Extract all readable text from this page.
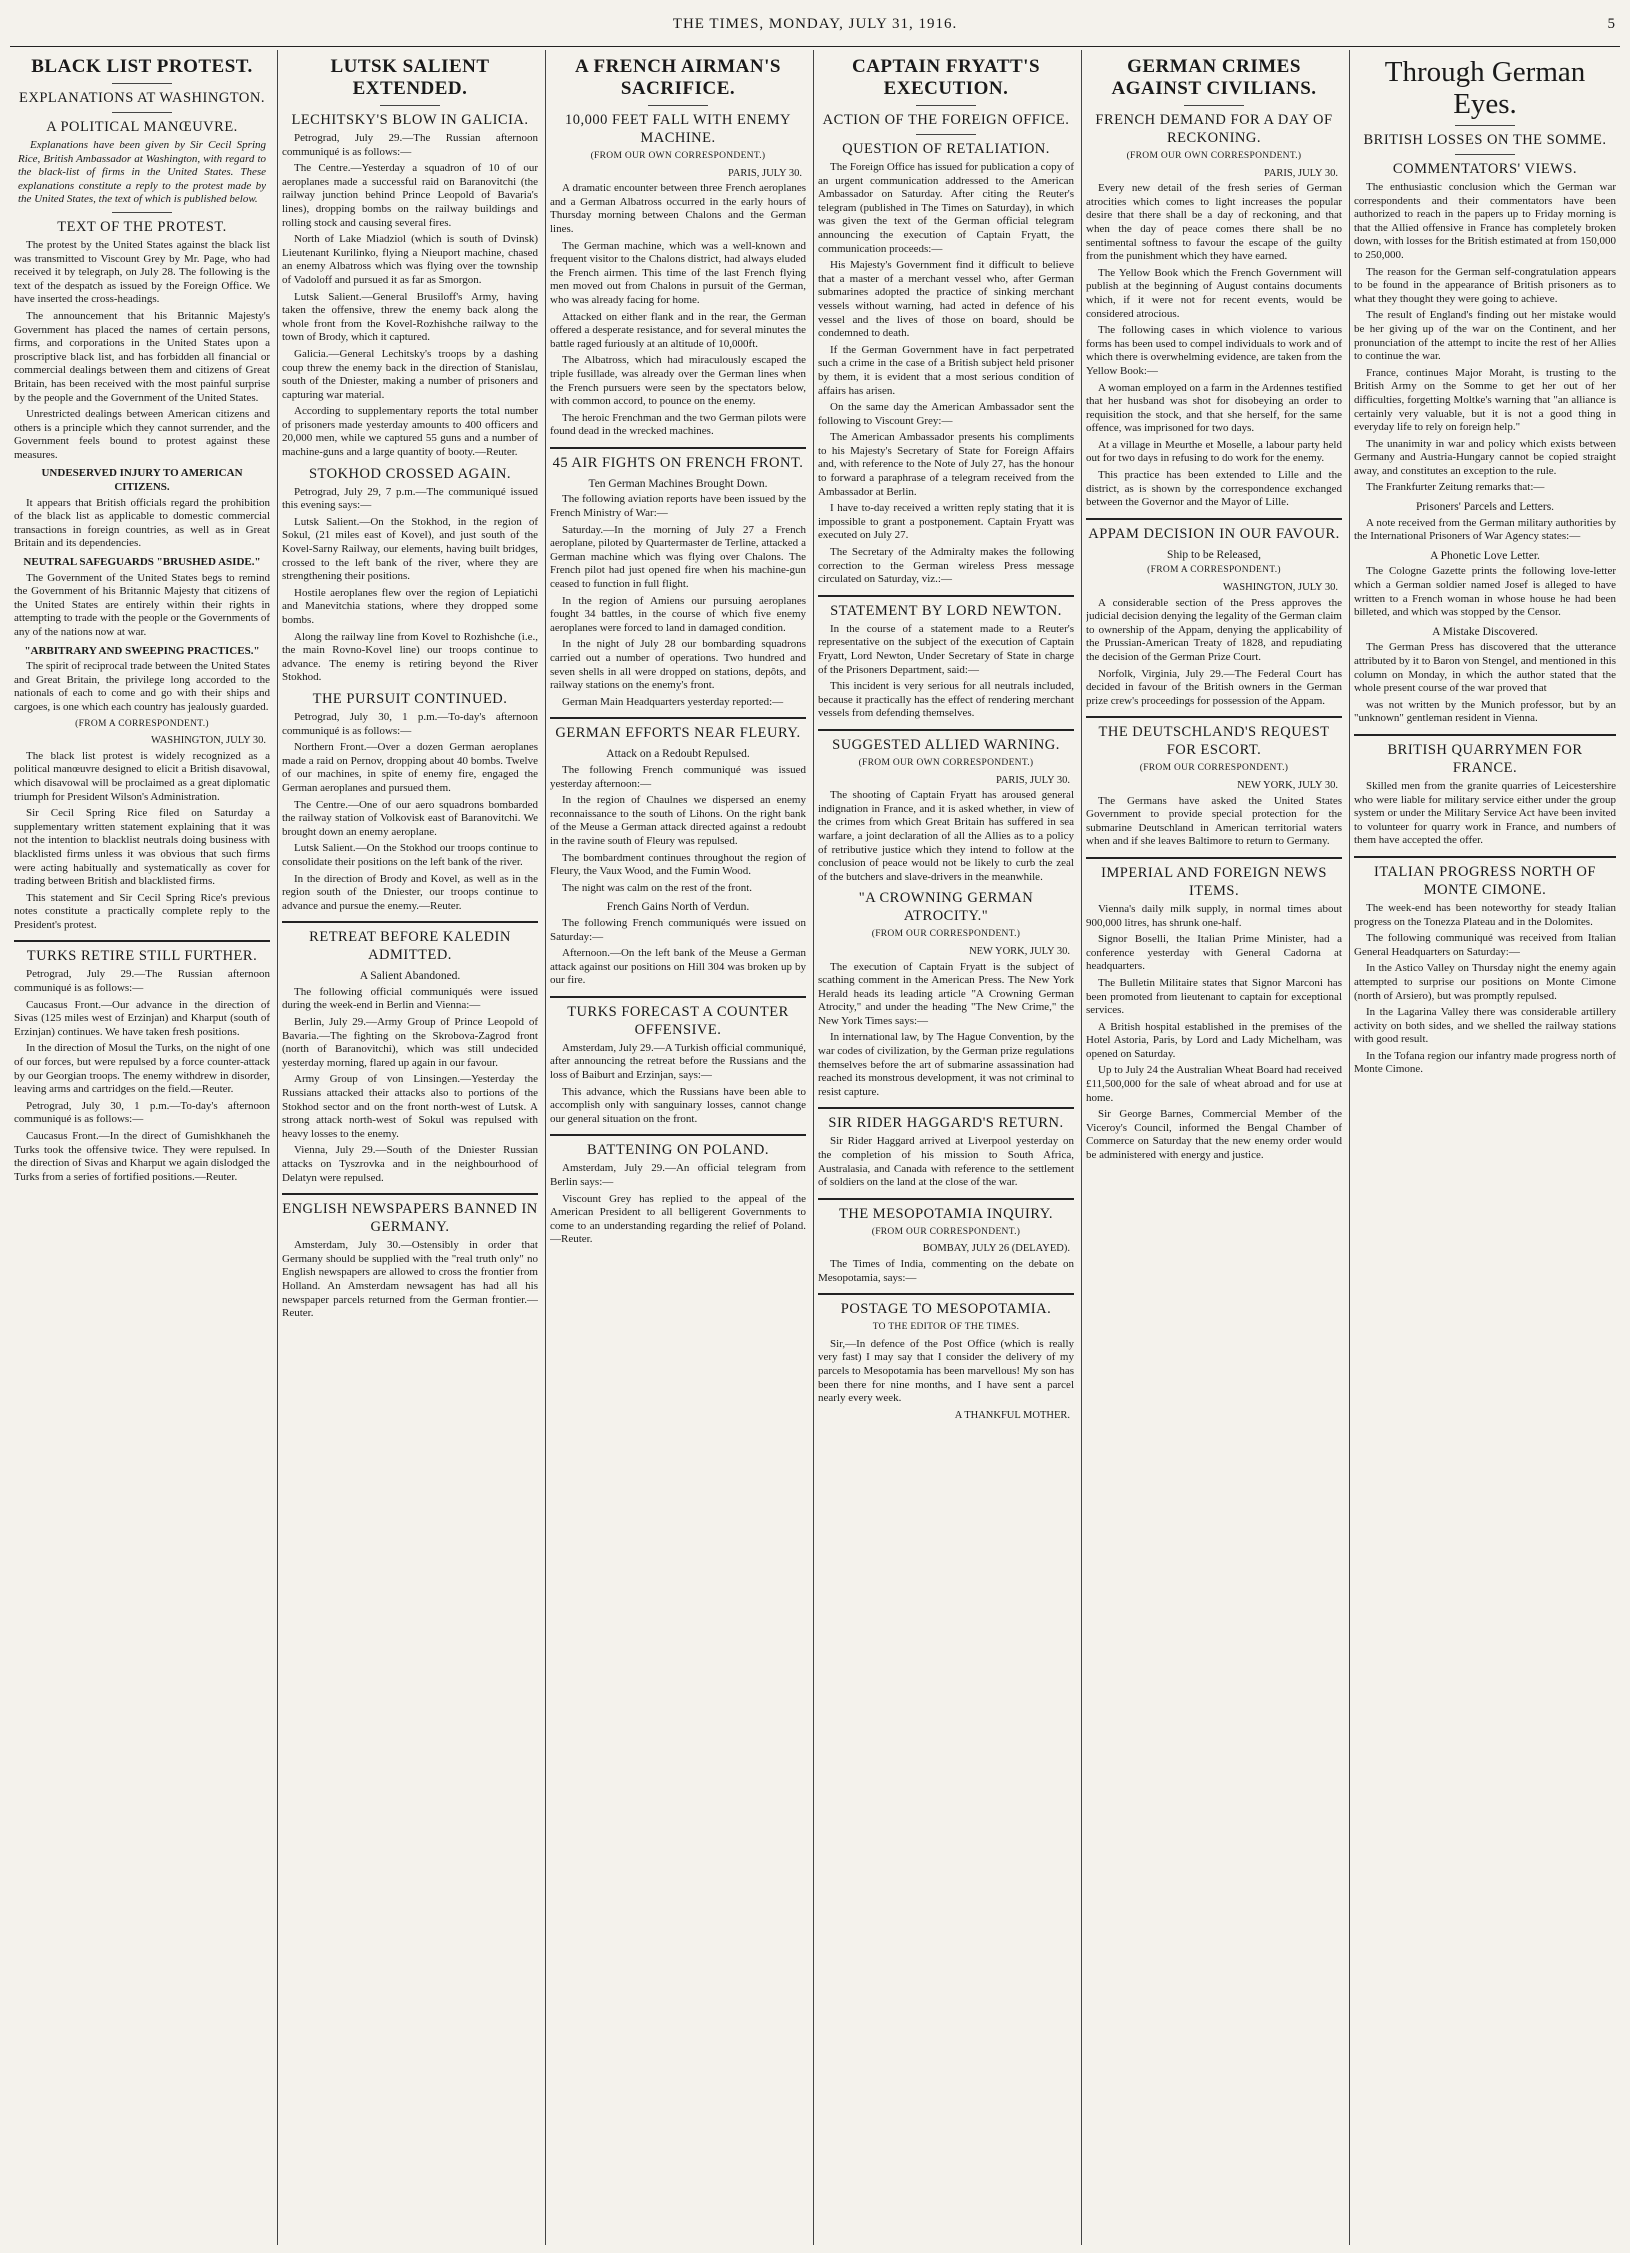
THE TIMES, MONDAY, JULY 31, 1916.	5
BLACK LIST PROTEST.
EXPLANATIONS AT WASHINGTON.
A POLITICAL MANŒUVRE.

Explanations have been given by Sir Cecil Spring Rice, British Ambassador at Washington, with regard to the black-list of firms in the United States. These explanations constitute a reply to the protest made by the United States, the text of which is published below.

TEXT OF THE PROTEST.

The protest by the United States against the black list was transmitted to Viscount Grey by Mr. Page, who had received it by telegraph, on July 28. The following is the text of the despatch as issued by the Foreign Office. We have inserted the cross-headings.

The announcement that his Britannic Majesty's Government has placed the names of certain persons, firms, and corporations in the United States upon a proscriptive black list, and has forbidden all financial or commercial dealings between them and citizens of Great Britain, has been received with the most painful surprise by the people and the Government of the United States.

Unrestricted dealings between American citizens and others is a principle which they cannot surrender, and the Government feels bound to protest against these measures.

UNDESERVED INJURY TO AMERICAN CITIZENS.

It appears that British officials regard the prohibition of the black list as applicable to domestic commercial transactions in foreign countries, as well as in Great Britain and its dependencies.

NEUTRAL SAFEGUARDS "BRUSHED ASIDE."

The Government of the United States begs to remind the Government of his Britannic Majesty that citizens of the United States are entirely within their rights in attempting to trade with the people or the Governments of any of the nations now at war.

"ARBITRARY AND SWEEPING PRACTICES."

The spirit of reciprocal trade between the United States and Great Britain, the privilege long accorded to the nationals of each to come and go with their ships and cargoes, is one which each country has jealously guarded.

(FROM A CORRESPONDENT.)
WASHINGTON, JULY 30.

The black list protest is widely recognized as a political manœuvre designed to elicit a British disavowal, which disavowal will be proclaimed as a great diplomatic triumph for President Wilson's Administration.

Sir Cecil Spring Rice filed on Saturday a supplementary written statement explaining that it was not the intention to blacklist neutrals doing business with blacklisted firms unless it was obvious that such firms were acting habitually and systematically as cover for trading between British and blacklisted firms.

This statement and Sir Cecil Spring Rice's previous notes constitute a practically complete reply to the President's protest.

TURKS RETIRE STILL FURTHER.

Petrograd, July 29.—The Russian afternoon communiqué is as follows:—

Caucasus Front.—Our advance in the direction of Sivas (125 miles west of Erzinjan) and Kharput (south of Erzinjan) continues. We have taken fresh positions.

In the direction of Mosul the Turks, on the night of one of our forces, but were repulsed by a force counter-attack by our Georgian troops. The enemy withdrew in disorder, leaving arms and cartridges on the field.—Reuter.

Petrograd, July 30, 1 p.m.—To-day's afternoon communiqué is as follows:—

Caucasus Front.—In the direct of Gumishkhaneh the Turks took the offensive twice. They were repulsed. In the direction of Sivas and Kharput we again dislodged the Turks from a series of fortified positions.—Reuter.

LUTSK SALIENT EXTENDED.
LECHITSKY'S BLOW IN GALICIA.

Petrograd, July 29.—The Russian afternoon communiqué is as follows:—

The Centre.—Yesterday a squadron of 10 of our aeroplanes made a successful raid on Baranovitchi (the railway junction behind Prince Leopold of Bavaria's lines), dropping bombs on the railway buildings and rolling stock and causing several fires.

North of Lake Miadziol (which is south of Dvinsk) Lieutenant Kurilinko, flying a Nieuport machine, chased an enemy Albatross which was flying over the township of Vadoloff and pursued it as far as Smorgon.

Lutsk Salient.—General Brusiloff's Army, having taken the offensive, threw the enemy back along the whole front from the Kovel-Rozhishche railway to the town of Brody, which it captured.

Galicia.—General Lechitsky's troops by a dashing coup threw the enemy back in the direction of Stanislau, south of the Dniester, making a number of prisoners and capturing war material.

According to supplementary reports the total number of prisoners made yesterday amounts to 400 officers and 20,000 men, while we captured 55 guns and a number of machine-guns and a large quantity of booty.—Reuter.

STOKHOD CROSSED AGAIN.

Petrograd, July 29, 7 p.m.—The communiqué issued this evening says:—

Lutsk Salient.—On the Stokhod, in the region of Sokul, (21 miles east of Kovel), and just south of the Kovel-Sarny Railway, our elements, having built bridges, crossed to the left bank of the river, where they are strengthening their positions.

Hostile aeroplanes flew over the region of Lepiatichi and Manevitchia stations, where they dropped some bombs.

Along the railway line from Kovel to Rozhishche (i.e., the main Rovno-Kovel line) our troops continue to advance. The enemy is retiring beyond the River Stokhod.

THE PURSUIT CONTINUED.

Petrograd, July 30, 1 p.m.—To-day's afternoon communiqué is as follows:—

Northern Front.—Over a dozen German aeroplanes made a raid on Pernov, dropping about 40 bombs. Twelve of our machines, in spite of enemy fire, engaged the German aeroplanes and pursued them.

The Centre.—One of our aero squadrons bombarded the railway station of Volkovisk east of Baranovitchi. We brought down an enemy aeroplane.

Lutsk Salient.—On the Stokhod our troops continue to consolidate their positions on the left bank of the river.

In the direction of Brody and Kovel, as well as in the region south of the Dniester, our troops continue to advance and pursue the enemy.—Reuter.

RETREAT BEFORE KALEDIN ADMITTED.
A Salient Abandoned.

The following official communiqués were issued during the week-end in Berlin and Vienna:—

Berlin, July 29.—Army Group of Prince Leopold of Bavaria.—The fighting on the Skrobova-Zagrod front (north of Baranovitchi), which was still undecided yesterday morning, flared up again in our favour.

Army Group of von Linsingen.—Yesterday the Russians attacked their attacks also to portions of the Stokhod sector and on the front north-west of Lutsk. A strong attack north-west of Sokul was repulsed with heavy losses to the enemy.

Vienna, July 29.—South of the Dniester Russian attacks on Tyszrovka and in the neighbourhood of Delatyn were repulsed.

ENGLISH NEWSPAPERS BANNED IN GERMANY.

Amsterdam, July 30.—Ostensibly in order that Germany should be supplied with the "real truth only" no English newspapers are allowed to cross the frontier from Holland. An Amsterdam newsagent has had all his newspaper parcels returned from the German frontier.—Reuter.

A FRENCH AIRMAN'S SACRIFICE.
10,000 FEET FALL WITH ENEMY MACHINE.
(FROM OUR OWN CORRESPONDENT.)
PARIS, JULY 30.

A dramatic encounter between three French aeroplanes and a German Albatross occurred in the early hours of Thursday morning between Chalons and the German lines.

The German machine, which was a well-known and frequent visitor to the Chalons district, had always eluded the French airmen. This time of the last French flying men moved out from Chalons in pursuit of the German, who was already facing for home.

Attacked on either flank and in the rear, the German offered a desperate resistance, and for several minutes the battle raged furiously at an altitude of 10,000ft.

The Albatross, which had miraculously escaped the triple fusillade, was already over the German lines when the French pursuers were seen by the spectators below, with common accord, to pounce on the enemy.

The heroic Frenchman and the two German pilots were found dead in the wrecked machines.

45 AIR FIGHTS ON FRENCH FRONT.
Ten German Machines Brought Down.

The following aviation reports have been issued by the French Ministry of War:—

Saturday.—In the morning of July 27 a French aeroplane, piloted by Quartermaster de Terline, attacked a German machine which was flying over Chalons. The French pilot had just opened fire when his machine-gun ceased to function in full flight.

In the region of Amiens our pursuing aeroplanes fought 34 battles, in the course of which five enemy aeroplanes were forced to land in damaged condition.

In the night of July 28 our bombarding squadrons carried out a number of operations. Two hundred and seven shells in all were dropped on stations, depôts, and railway stations on the enemy's front.

German Main Headquarters yesterday reported:—

GERMAN EFFORTS NEAR FLEURY.
Attack on a Redoubt Repulsed.

The following French communiqué was issued yesterday afternoon:—

In the region of Chaulnes we dispersed an enemy reconnaissance to the south of Lihons. On the right bank of the Meuse a German attack directed against a redoubt in the ravine south of Fleury was repulsed.

The bombardment continues throughout the region of Fleury, the Vaux Wood, and the Fumin Wood.

The night was calm on the rest of the front.

French Gains North of Verdun.

The following French communiqués were issued on Saturday:—

Afternoon.—On the left bank of the Meuse a German attack against our positions on Hill 304 was broken up by our fire.

TURKS FORECAST A COUNTER OFFENSIVE.

Amsterdam, July 29.—A Turkish official communiqué, after announcing the retreat before the Russians and the loss of Baiburt and Erzinjan, says:—

This advance, which the Russians have been able to accomplish only with sanguinary losses, cannot change our general situation on the front.

BATTENING ON POLAND.

Amsterdam, July 29.—An official telegram from Berlin says:—

Viscount Grey has replied to the appeal of the American President to all belligerent Governments to come to an understanding regarding the relief of Poland.—Reuter.

CAPTAIN FRYATT'S EXECUTION.
ACTION OF THE FOREIGN OFFICE.
QUESTION OF RETALIATION.

The Foreign Office has issued for publication a copy of an urgent communication addressed to the American Ambassador on Saturday. After citing the Reuter's telegram (published in The Times on Saturday), in which was given the text of the German official telegram announcing the execution of Captain Fryatt, the communication proceeds:—

His Majesty's Government find it difficult to believe that a master of a merchant vessel who, after German submarines adopted the practice of sinking merchant vessels without warning, had acted in defence of his vessel and the lives of those on board, should be condemned to death.

If the German Government have in fact perpetrated such a crime in the case of a British subject held prisoner by them, it is evident that a most serious condition of affairs has arisen.

On the same day the American Ambassador sent the following to Viscount Grey:—

The American Ambassador presents his compliments to his Majesty's Secretary of State for Foreign Affairs and, with reference to the Note of July 27, has the honour to forward a paraphrase of a telegram received from the Ambassador at Berlin.

I have to-day received a written reply stating that it is impossible to grant a postponement. Captain Fryatt was executed on July 27.

The Secretary of the Admiralty makes the following correction to the German wireless Press message circulated on Saturday, viz.:—

STATEMENT BY LORD NEWTON.

In the course of a statement made to a Reuter's representative on the subject of the execution of Captain Fryatt, Lord Newton, Under Secretary of State in charge of the Prisoners Department, said:—

This incident is very serious for all neutrals included, because it practically has the effect of rendering merchant vessels from defending themselves.

SUGGESTED ALLIED WARNING.
(FROM OUR OWN CORRESPONDENT.)
PARIS, JULY 30.

The shooting of Captain Fryatt has aroused general indignation in France, and it is asked whether, in view of the crimes from which Great Britain has suffered in sea warfare, a joint declaration of all the Allies as to a policy of retributive justice which they intend to follow at the conclusion of peace would not be likely to curb the zeal of the butchers and slave-drivers in the meanwhile.

"A CROWNING GERMAN ATROCITY."
(FROM OUR CORRESPONDENT.)
NEW YORK, JULY 30.

The execution of Captain Fryatt is the subject of scathing comment in the American Press. The New York Herald heads its leading article "A Crowning German Atrocity," and under the heading "The New Crime," the New York Times says:—

In international law, by The Hague Convention, by the war codes of civilization, by the German prize regulations themselves before the art of submarine assassination had reached its monstrous development, it was not criminal to resist capture.

SIR RIDER HAGGARD'S RETURN.

Sir Rider Haggard arrived at Liverpool yesterday on the completion of his mission to South Africa, Australasia, and Canada with reference to the settlement of soldiers on the land at the close of the war.

THE MESOPOTAMIA INQUIRY.
(FROM OUR CORRESPONDENT.)
BOMBAY, JULY 26 (DELAYED).

The Times of India, commenting on the debate on Mesopotamia, says:—

POSTAGE TO MESOPOTAMIA.
TO THE EDITOR OF THE TIMES.

Sir,—In defence of the Post Office (which is really very fast) I may say that I consider the delivery of my parcels to Mesopotamia has been marvellous! My son has been there for nine months, and I have sent a parcel nearly every week.

A THANKFUL MOTHER.
GERMAN CRIMES AGAINST CIVILIANS.
FRENCH DEMAND FOR A DAY OF RECKONING.
(FROM OUR OWN CORRESPONDENT.)
PARIS, JULY 30.

Every new detail of the fresh series of German atrocities which comes to light increases the popular desire that there shall be a day of reckoning, and that when the day of peace comes there shall be no sentimental softness to favour the escape of the guilty from the punishment which they have earned.

The Yellow Book which the French Government will publish at the beginning of August contains documents which, if it were not for recent events, would be considered atrocious.

The following cases in which violence to various forms has been used to compel individuals to work and of which there is overwhelming evidence, are taken from the Yellow Book:—

A woman employed on a farm in the Ardennes testified that her husband was shot for disobeying an order to requisition the stock, and that she herself, for the same offence, was imprisoned for two days.

At a village in Meurthe et Moselle, a labour party held out for two days in refusing to do work for the enemy.

This practice has been extended to Lille and the district, as is shown by the correspondence exchanged between the Governor and the Mayor of Lille.

APPAM DECISION IN OUR FAVOUR.
Ship to be Released,
(FROM A CORRESPONDENT.)
WASHINGTON, JULY 30.

A considerable section of the Press approves the judicial decision denying the legality of the German claim to ownership of the Appam, denying the applicability of the Prussian-American Treaty of 1828, and repudiating the decision of the German Prize Court.

Norfolk, Virginia, July 29.—The Federal Court has decided in favour of the British owners in the German prize crew's proceedings for possession of the Appam.

THE DEUTSCHLAND'S REQUEST FOR ESCORT.
(FROM OUR CORRESPONDENT.)
NEW YORK, JULY 30.

The Germans have asked the United States Government to provide special protection for the submarine Deutschland in American territorial waters when and if she leaves Baltimore to return to Germany.

IMPERIAL AND FOREIGN NEWS ITEMS.

Vienna's daily milk supply, in normal times about 900,000 litres, has shrunk one-half.

Signor Boselli, the Italian Prime Minister, had a conference yesterday with General Cadorna at headquarters.

The Bulletin Militaire states that Signor Marconi has been promoted from lieutenant to captain for exceptional services.

A British hospital established in the premises of the Hotel Astoria, Paris, by Lord and Lady Michelham, was opened on Saturday.

Up to July 24 the Australian Wheat Board had received £11,500,000 for the sale of wheat abroad and for use at home.

Sir George Barnes, Commercial Member of the Viceroy's Council, informed the Bengal Chamber of Commerce on Saturday that the new enemy order would be administered with energy and justice.

Through German Eyes.
BRITISH LOSSES ON THE SOMME.
COMMENTATORS' VIEWS.

The enthusiastic conclusion which the German war correspondents and their commentators have been authorized to reach in the papers up to Friday morning is that the Allied offensive in France has completely broken down, with losses for the British estimated at from 150,000 to 250,000.

The reason for the German self-congratulation appears to be found in the appearance of British prisoners as to what they thought they were going to achieve.

The result of England's finding out her mistake would be her giving up of the war on the Continent, and her pronunciation of the attempt to incite the rest of her Allies to continue the war.

France, continues Major Moraht, is trusting to the British Army on the Somme to get her out of her difficulties, forgetting Moltke's warning that "an alliance is certainly very valuable, but it is not a good thing in everyday life to rely on foreign help."

The unanimity in war and policy which exists between Germany and Austria-Hungary cannot be copied straight away, and constitutes an exception to the rule.

The Frankfurter Zeitung remarks that:—

Prisoners' Parcels and Letters.

A note received from the German military authorities by the International Prisoners of War Agency states:—

A Phonetic Love Letter.

The Cologne Gazette prints the following love-letter which a German soldier named Josef is alleged to have written to a French woman in whose house he had been billeted, and which was stopped by the Censor.

A Mistake Discovered.

The German Press has discovered that the utterance attributed by it to Baron von Stengel, and mentioned in this column on Monday, in which the author stated that the whole present course of the war proved that

was not written by the Munich professor, but by an "unknown" gentleman resident in Vienna.

BRITISH QUARRYMEN FOR FRANCE.

Skilled men from the granite quarries of Leicestershire who were liable for military service either under the group system or under the Military Service Act have been invited to volunteer for quarry work in France, and numbers of them have accepted the offer.

ITALIAN PROGRESS NORTH OF MONTE CIMONE.

The week-end has been noteworthy for steady Italian progress on the Tonezza Plateau and in the Dolomites.

The following communiqué was received from Italian General Headquarters on Saturday:—

In the Astico Valley on Thursday night the enemy again attempted to surprise our positions on Monte Cimone (north of Arsiero), but was promptly repulsed.

In the Lagarina Valley there was considerable artillery activity on both sides, and we shelled the railway stations with good result.

In the Tofana region our infantry made progress north of Monte Cimone.
